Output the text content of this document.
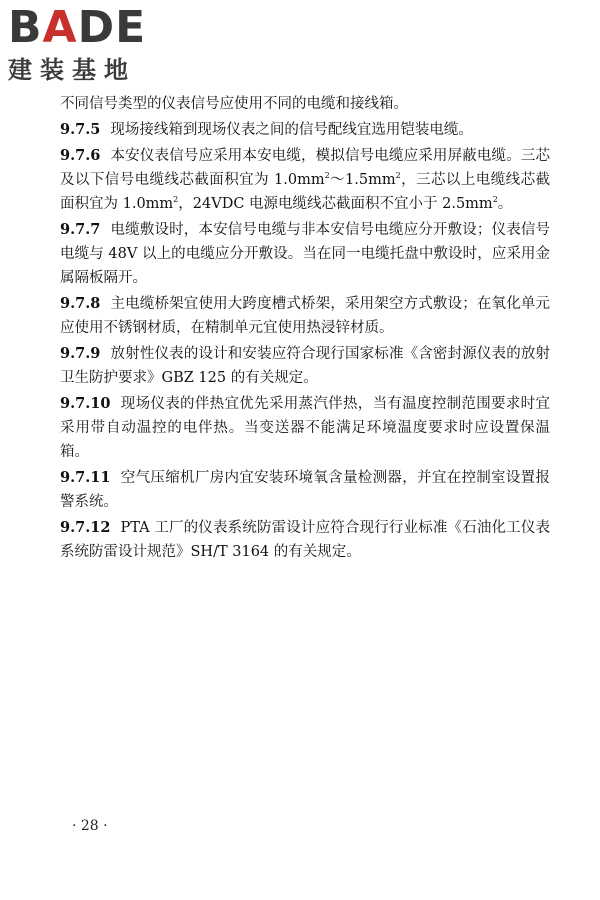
BADE
建装基地

不同信号类型的仪表信号应使用不同的电缆和接线箱。

9.7.5 现场接线箱到现场仪表之间的信号配线宜选用铠装电缆。

9.7.6 本安仪表信号应采用本安电缆，模拟信号电缆应采用屏蔽电缆。三芯及以下信号电缆线芯截面积宜为 $1.0mm^2\sim 1.5mm^2$，三芯以上电缆线芯截面积宜为 $1.0mm^2$，24VDC 电源电缆线芯截面积不宜小于 $2.5mm^2$。

9.7.7 电缆敷设时，本安信号电缆与非本安信号电缆应分开敷设；仪表信号电缆与 48V 以上的电缆应分开敷设。当在同一电缆托盘中敷设时，应采用金属隔板隔开。

9.7.8 主电缆桥架宜使用大跨度槽式桥架，采用架空方式敷设；在氧化单元应使用不锈钢材质，在精制单元宜使用热浸锌材质。

9.7.9 放射性仪表的设计和安装应符合现行国家标准《含密封源仪表的放射卫生防护要求》GBZ 125 的有关规定。

9.7.10 现场仪表的伴热宜优先采用蒸汽伴热，当有温度控制范围要求时宜采用带自动温控的电伴热。当变送器不能满足环境温度要求时应设置保温箱。

9.7.11 空气压缩机厂房内宜安装环境氧含量检测器，并宜在控制室设置报警系统。

9.7.12 PTA 工厂的仪表系统防雷设计应符合现行行业标准《石油化工仪表系统防雷设计规范》SH/T 3164 的有关规定。

· 28 ·
